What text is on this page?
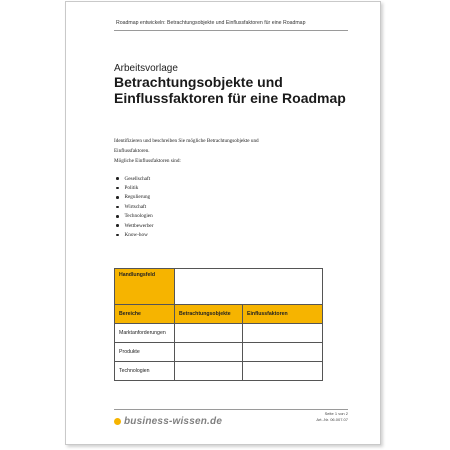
Roadmap entwickeln: Betrachtungsobjekte und Einflussfaktoren für eine Roadmap
Arbeitsvorlage
Betrachtungsobjekte und Einflussfaktoren für eine Roadmap
Identifizieren und beschreiben Sie mögliche Betrachtungsobjekte und
Einflussfaktoren.
Mögliche Einflussfaktoren sind:
Gesellschaft
Politik
Regulierung
Wirtschaft
Technologien
Wettbewerber
Know-how
Handlungsfeld		
Bereiche	Betrachtungsobjekte	Einflussfaktoren
Marktanforderungen		
Produkte		
Technologien		
business-wissen.de
Seite 1 von 2
Art.-Nr. 06.007.07
